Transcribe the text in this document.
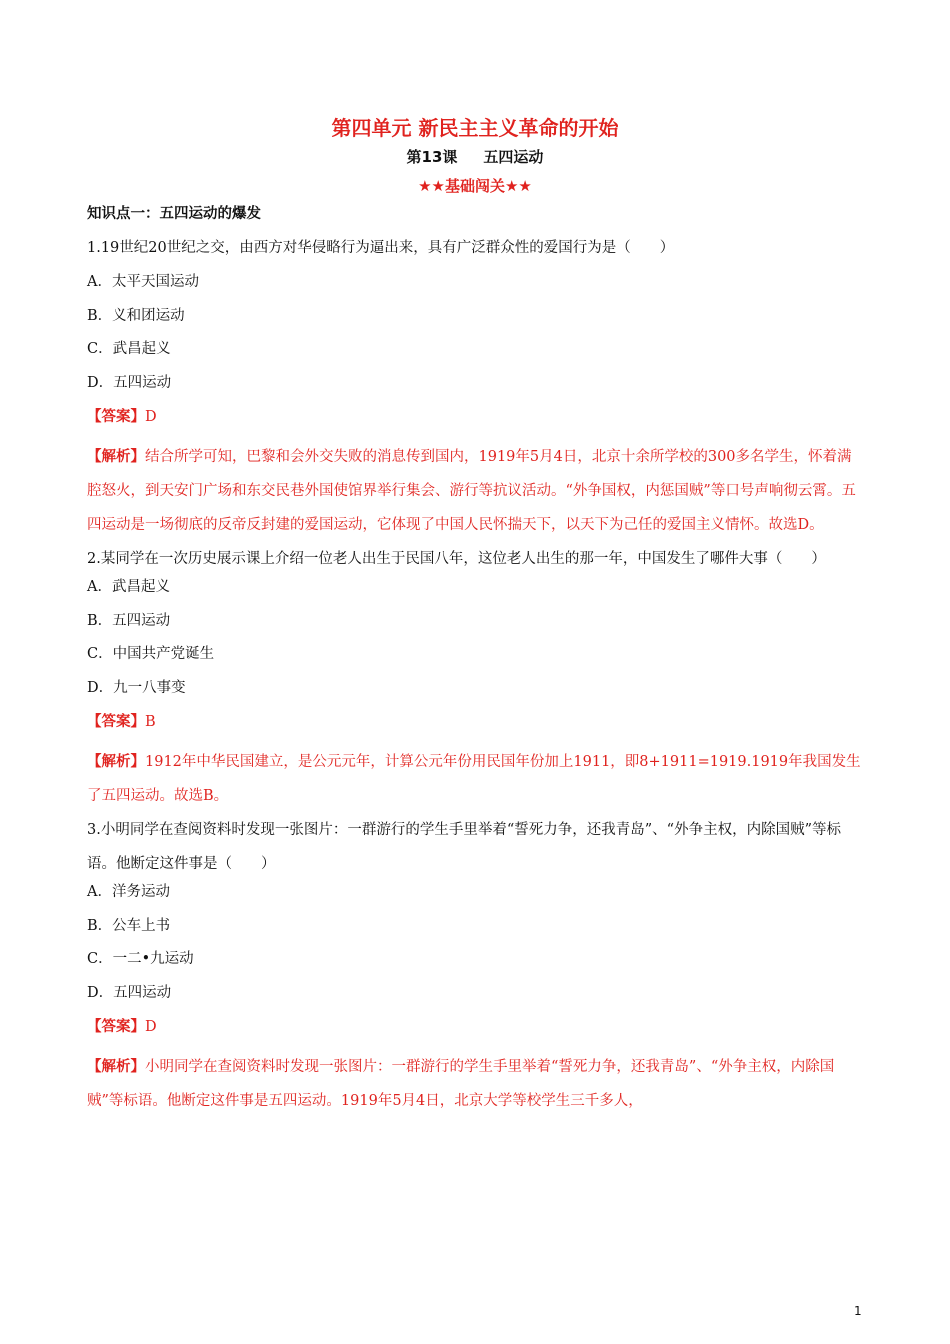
第四单元 新民主主义革命的开始
第13课 五四运动
★★基础闯关★★
知识点一：五四运动的爆发
1.19世纪20世纪之交，由西方对华侵略行为逼出来，具有广泛群众性的爱国行为是（　　）
A．太平天国运动
B．义和团运动
C．武昌起义
D．五四运动
【答案】D
【解析】结合所学可知，巴黎和会外交失败的消息传到国内，1919年5月4日，北京十余所学校的300多名学生，怀着满腔怒火，到天安门广场和东交民巷外国使馆界举行集会、游行等抗议活动。“外争国权，内惩国贼”等口号声响彻云霄。五四运动是一场彻底的反帝反封建的爱国运动，它体现了中国人民怀揣天下，以天下为己任的爱国主义情怀。故选D。
2.某同学在一次历史展示课上介绍一位老人出生于民国八年，这位老人出生的那一年，中国发生了哪件大事（　　）
A．武昌起义
B．五四运动
C．中国共产党诞生
D．九一八事变
【答案】B
【解析】1912年中华民国建立，是公元元年，计算公元年份用民国年份加上1911，即8+1911=1919.1919年我国发生了五四运动。故选B。
3.小明同学在查阅资料时发现一张图片：一群游行的学生手里举着“誓死力争，还我青岛”、“外争主权，内除国贼”等标语。他断定这件事是（　　）
A．洋务运动
B．公车上书
C．一二•九运动
D．五四运动
【答案】D
【解析】小明同学在查阅资料时发现一张图片：一群游行的学生手里举着“誓死力争，还我青岛”、“外争主权，内除国贼”等标语。他断定这件事是五四运动。1919年5月4日，北京大学等校学生三千多人，
1
